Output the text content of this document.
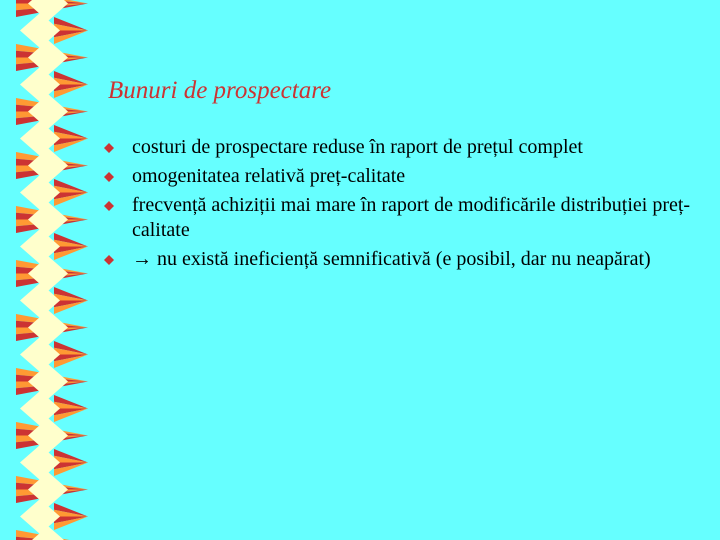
Bunuri de prospectare
costuri de prospectare reduse în raport de prețul complet
omogenitatea relativă preț-calitate
frecvență achiziții mai mare în raport de modificările distribuției preț-calitate
→ nu există ineficiență semnificativă (e posibil, dar nu neapărat)
